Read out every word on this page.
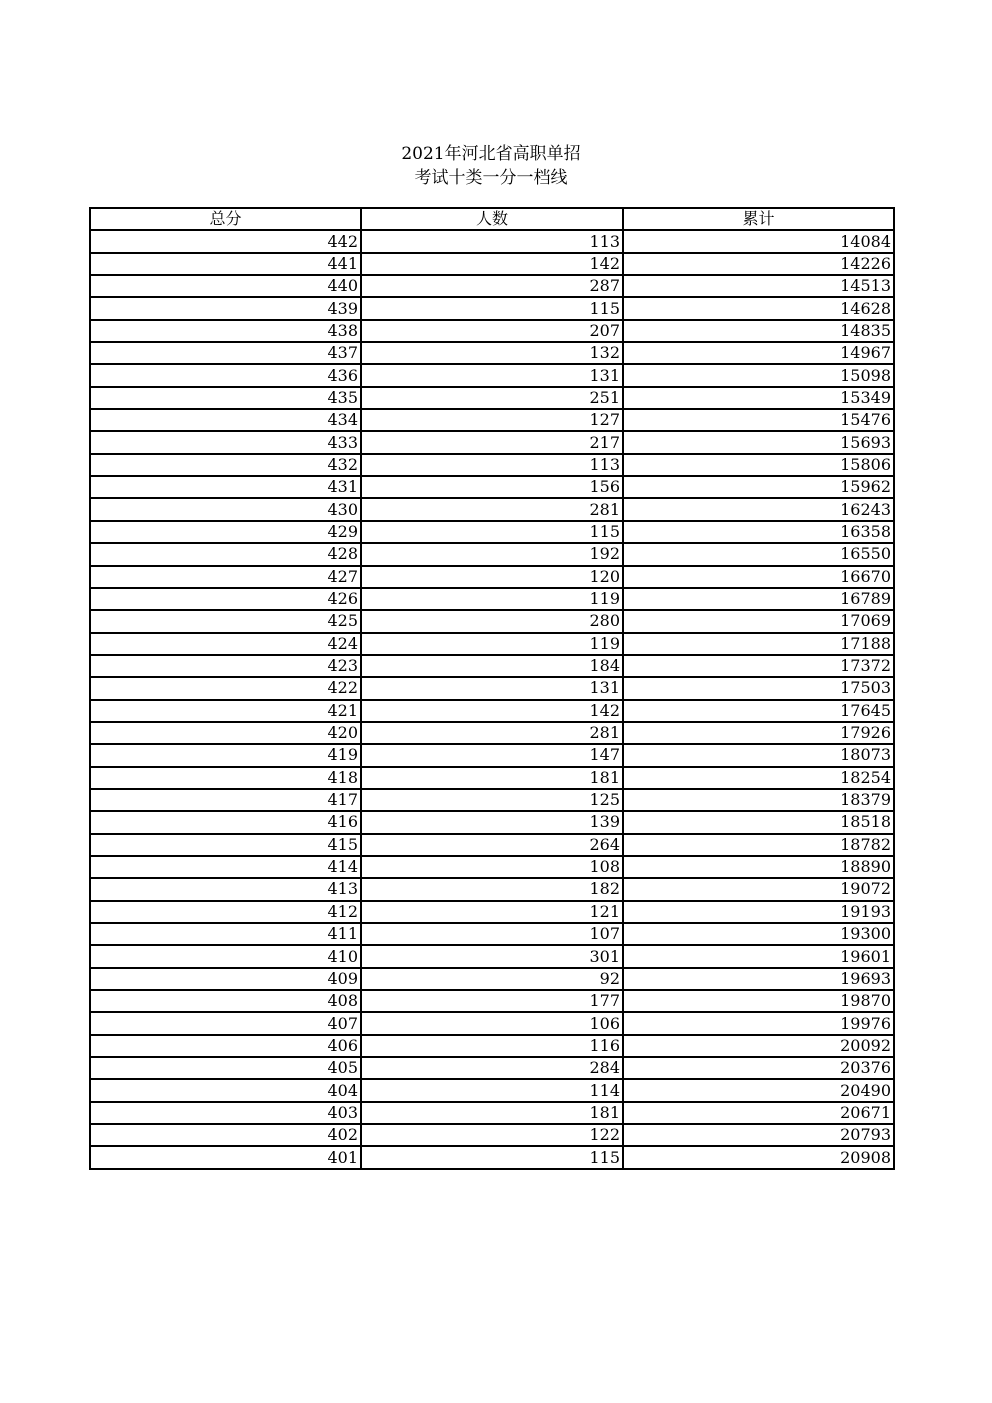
2021年河北省高职单招
考试十类一分一档线
总分	人数	累计
442	113	14084
441	142	14226
440	287	14513
439	115	14628
438	207	14835
437	132	14967
436	131	15098
435	251	15349
434	127	15476
433	217	15693
432	113	15806
431	156	15962
430	281	16243
429	115	16358
428	192	16550
427	120	16670
426	119	16789
425	280	17069
424	119	17188
423	184	17372
422	131	17503
421	142	17645
420	281	17926
419	147	18073
418	181	18254
417	125	18379
416	139	18518
415	264	18782
414	108	18890
413	182	19072
412	121	19193
411	107	19300
410	301	19601
409	92	19693
408	177	19870
407	106	19976
406	116	20092
405	284	20376
404	114	20490
403	181	20671
402	122	20793
401	115	20908
